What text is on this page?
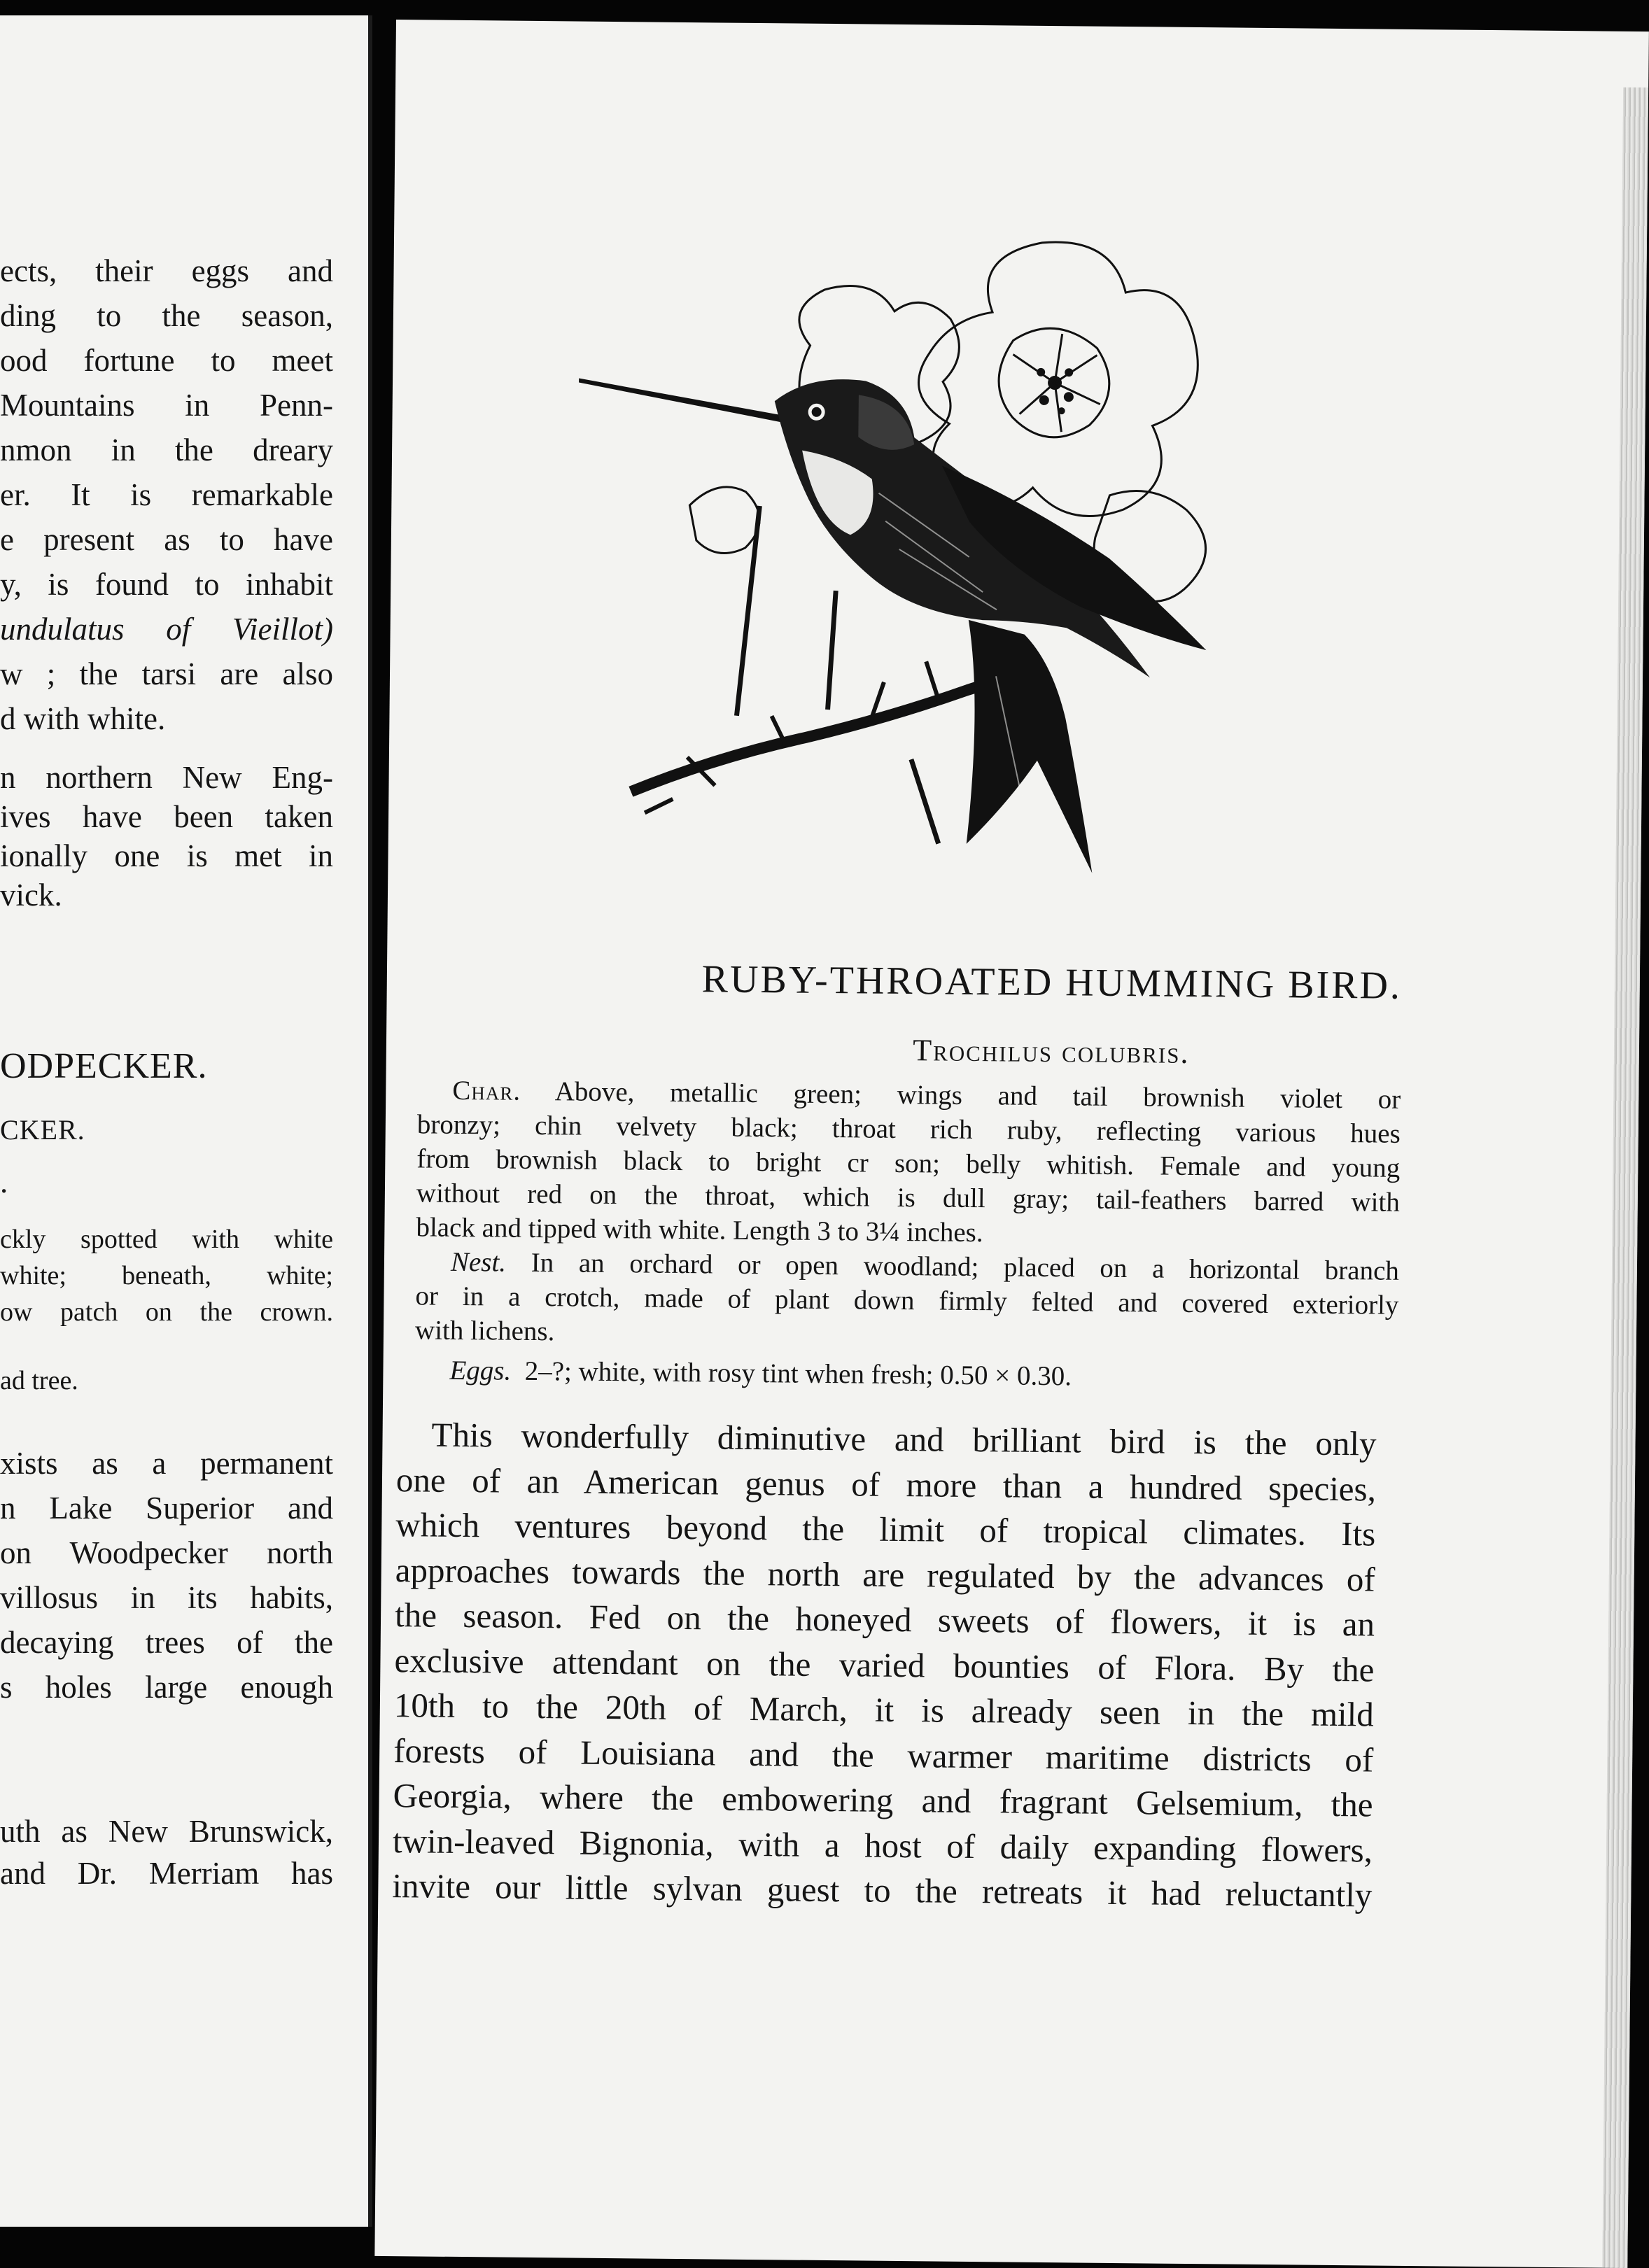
ects, their eggs and
ding to the season,
ood fortune to meet
Mountains in Penn-
nmon in the dreary
er. It is remarkable
e present as to have
y, is found to inhabit
undulatus of Vieillot)
w ; the tarsi are also
d with white.
n northern New Eng-
ives have been taken
ionally one is met in
vick.
ODPECKER.
CKER.
.
ckly spotted with white
white; beneath, white;
ow patch on the crown.
ad tree.
xists as a permanent
n Lake Superior and
on Woodpecker north
villosus in its habits,
decaying trees of the
s holes large enough
uth as New Brunswick,
and Dr. Merriam has
RUBY-THROATED HUMMING BIRD.
Trochilus colubris.
Char. Above, metallic green; wings and tail brownish violet or
bronzy; chin velvety black; throat rich ruby, reflecting various hues
from brownish black to bright cr son; belly whitish. Female and young
without red on the throat, which is dull gray; tail-feathers barred with
black and tipped with white. Length 3 to 3¼ inches.
Nest. In an orchard or open woodland; placed on a horizontal branch
or in a crotch, made of plant down firmly felted and covered exteriorly
with lichens.
Eggs. 2–?; white, with rosy tint when fresh; 0.50 × 0.30.
This wonderfully diminutive and brilliant bird is the only
one of an American genus of more than a hundred species,
which ventures beyond the limit of tropical climates. Its
approaches towards the north are regulated by the advances of
the season. Fed on the honeyed sweets of flowers, it is an
exclusive attendant on the varied bounties of Flora. By the
10th to the 20th of March, it is already seen in the mild
forests of Louisiana and the warmer maritime districts of
Georgia, where the embowering and fragrant Gelsemium, the
twin-leaved Bignonia, with a host of daily expanding flowers,
invite our little sylvan guest to the retreats it had reluctantly
